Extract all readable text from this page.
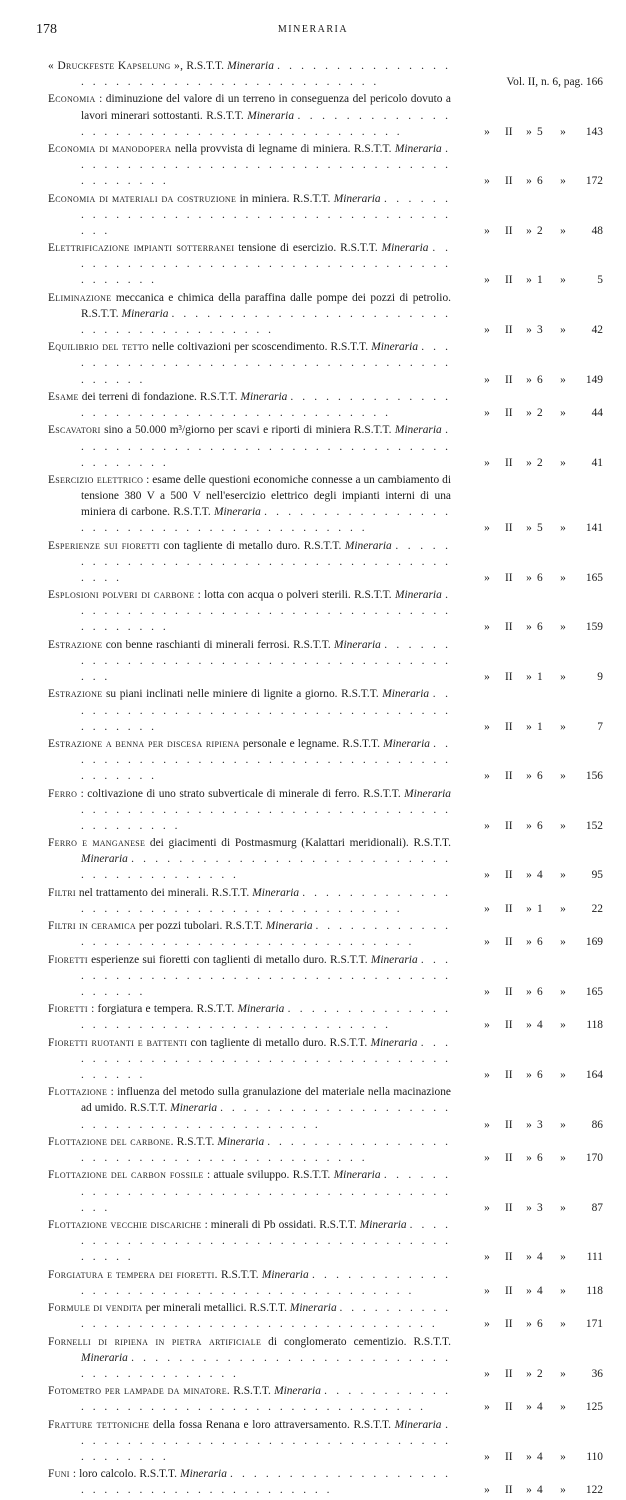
178	MINERARIA
« Druckfeste Kapselung », R.S.T.T. Mineraria . . . . . . . . . . . . . . . . . . . . . . . . . . . . . . . . . . . . . . . . .	Vol. II, n. 6, pag. 166
Economia : diminuzione del valore di un terreno in conseguenza del pericolo dovuto a lavori minerari sottostanti. R.S.T.T. Mineraria . . . . . . . . . . . . . . . . . . . . . . . . . . . . . . . . . . . . . . . . .	» II » 5 » 143
Economia di manodopera nella provvista di legname di miniera. R.S.T.T. Mineraria . . . . . . . . . . . . . . . . . . . . . . . . . . . . . . . . . . . . . . . . .	» II » 6 » 172
Economia di materiali da costruzione in miniera. R.S.T.T. Mineraria . . . . . . . . . . . . . . . . . . . . . . . . . . . . . . . . . . . . . . . . .	» II » 2 » 48
Elettrificazione impianti sotterranei tensione di esercizio. R.S.T.T. Mineraria . . . . . . . . . . . . . . . . . . . . . . . . . . . . . . . . . . . . . . . . .	» II » 1 »	5
Eliminazione meccanica e chimica della paraffina dalle pompe dei pozzi di petrolio. R.S.T.T. Mineraria . . . . . . . . . . . . . . . . . . . . . . . . . . . . . . . . . . . . . . . . .	» II » 3 » 42
Equilibrio del tetto nelle coltivazioni per scoscendimento. R.S.T.T. Mineraria . . . . . . . . . . . . . . . . . . . . . . . . . . . . . . . . . . . . . . . . .	» II » 6 » 149
Esame dei terreni di fondazione. R.S.T.T. Mineraria . . . . . . . . . . . . . . . . . . . . . . . . . . . . . . . . . . . . . . . . .	» II » 2 » 44
Escavatori sino a 50.000 m³/giorno per scavi e riporti di miniera R.S.T.T. Mineraria . . . . . . . . . . . . . . . . . . . . . . . . . . . . . . . . . . . . . . . . .	» II » 2 » 41
Esercizio elettrico : esame delle questioni economiche connesse a un cambiamento di tensione 380 V a 500 V nell'esercizio elettrico degli impianti interni di una miniera di carbone. R.S.T.T. Mineraria . . . . . . . . . . . . . . . . . . . . . . . . . . . . . . . . . . . . . . . . .	» II » 5 » 141
Esperienze sui fioretti con tagliente di metallo duro. R.S.T.T. Mineraria . . . . . . . . . . . . . . . . . . . . . . . . . . . . . . . . . . . . . . . . .	» II » 6 » 165
Esplosioni polveri di carbone : lotta con acqua o polveri sterili. R.S.T.T. Mineraria . . . . . . . . . . . . . . . . . . . . . . . . . . . . . . . . . . . . . . . . .	» II » 6 » 159
Estrazione con benne raschianti di minerali ferrosi. R.S.T.T. Mineraria . . . . . . . . . . . . . . . . . . . . . . . . . . . . . . . . . . . . . . . . .	» II » 1 »	9
Estrazione su piani inclinati nelle miniere di lignite a giorno. R.S.T.T. Mineraria . . . . . . . . . . . . . . . . . . . . . . . . . . . . . . . . . . . . . . . . .	» II » 1 »	7
Estrazione a benna per discesa ripiena personale e legname. R.S.T.T. Mineraria . . . . . . . . . . . . . . . . . . . . . . . . . . . . . . . . . . . . . . . . .	» II » 6 » 156
Ferro : coltivazione di uno strato subverticale di minerale di ferro. R.S.T.T. Mineraria . . . . . . . . . . . . . . . . . . . . . . . . . . . . . . . . . . . . . . . . .	» II » 6 » 152
Ferro e manganese dei giacimenti di Postmasmurg (Kalattari meridionali). R.S.T.T. Mineraria . . . . . . . . . . . . . . . . . . . . . . . . . . . . . . . . . . . . . . . . .	» II » 4 » 95
Filtri nel trattamento dei minerali. R.S.T.T. Mineraria . . . . . . . . . . . . . . . . . . . . . . . . . . . . . . . . . . . . . . . . .	» II » 1 » 22
Filtri in ceramica per pozzi tubolari. R.S.T.T. Mineraria . . . . . . . . . . . . . . . . . . . . . . . . . . . . . . . . . . . . . . . . .	» II » 6 » 169
Fioretti esperienze sui fioretti con taglienti di metallo duro. R.S.T.T. Mineraria . . . . . . . . . . . . . . . . . . . . . . . . . . . . . . . . . . . . . . . . .	» II » 6 » 165
Fioretti : forgiatura e tempera. R.S.T.T. Mineraria . . . . . . . . . . . . . . . . . . . . . . . . . . . . . . . . . . . . . . . . .	» II » 4 » 118
Fioretti ruotanti e battenti con tagliente di metallo duro. R.S.T.T. Mineraria . . . . . . . . . . . . . . . . . . . . . . . . . . . . . . . . . . . . . . . . .	» II » 6 » 164
Flottazione : influenza del metodo sulla granulazione del materiale nella macinazione ad umido. R.S.T.T. Mineraria . . . . . . . . . . . . . . . . . . . . . . . . . . . . . . . . . . . . . . . . .	» II » 3 » 86
Flottazione del carbone. R.S.T.T. Mineraria . . . . . . . . . . . . . . . . . . . . . . . . . . . . . . . . . . . . . . . . .	» II » 6 » 170
Flottazione del carbon fossile : attuale sviluppo. R.S.T.T. Mineraria . . . . . . . . . . . . . . . . . . . . . . . . . . . . . . . . . . . . . . . . .	» II » 3 » 87
Flottazione vecchie discariche : minerali di Pb ossidati. R.S.T.T. Mineraria . . . . . . . . . . . . . . . . . . . . . . . . . . . . . . . . . . . . . . . . .	» II » 4 » 111
Forgiatura e tempera dei fioretti. R.S.T.T. Mineraria . . . . . . . . . . . . . . . . . . . . . . . . . . . . . . . . . . . . . . . . .	» II » 4 » 118
Formule di vendita per minerali metallici. R.S.T.T. Mineraria . . . . . . . . . . . . . . . . . . . . . . . . . . . . . . . . . . . . . . . . .	» II » 6 » 171
Fornelli di ripiena in pietra artificiale di conglomerato cementizio. R.S.T.T. Mineraria . . . . . . . . . . . . . . . . . . . . . . . . . . . . . . . . . . . . . . . . .	» II » 2 » 36
Fotometro per lampade da minatore. R.S.T.T. Mineraria . . . . . . . . . . . . . . . . . . . . . . . . . . . . . . . . . . . . . . . . .	» II » 4 » 125
Fratture tettoniche della fossa Renana e loro attraversamento. R.S.T.T. Mineraria . . . . . . . . . . . . . . . . . . . . . . . . . . . . . . . . . . . . . . . . .	» II » 4 » 110
Funi : loro calcolo. R.S.T.T. Mineraria . . . . . . . . . . . . . . . . . . . . . . . . . . . . . . . . . . . . . . . . .	» II » 4 » 122
